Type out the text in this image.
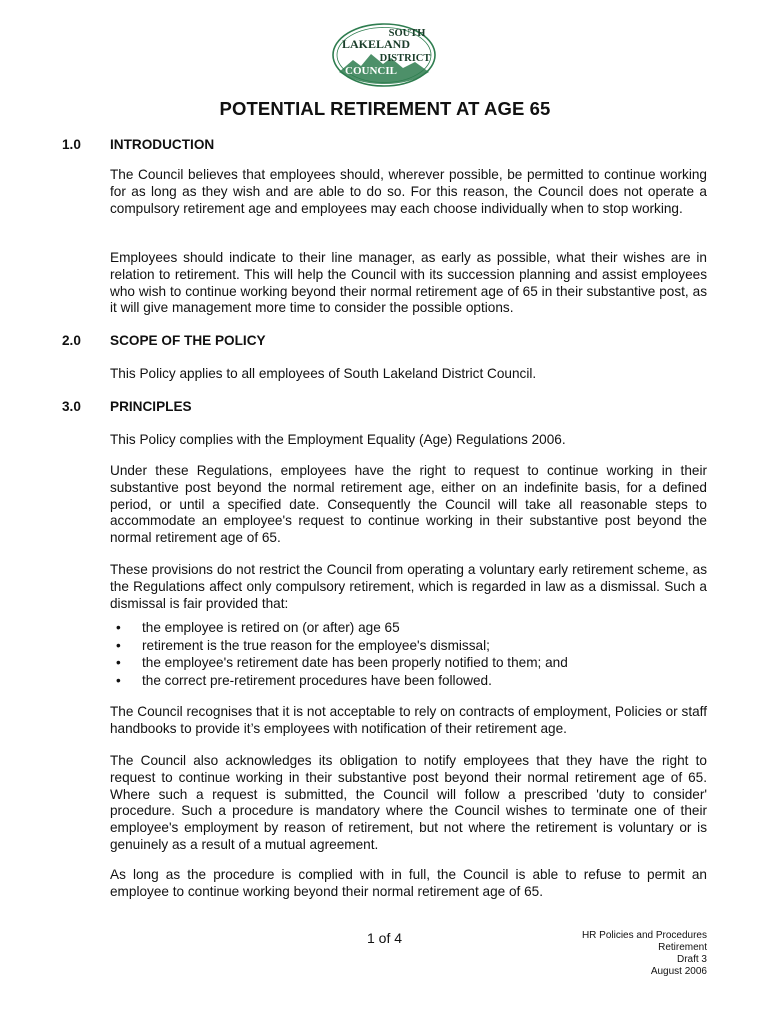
SOUTH
LAKELAND
DISTRICT
COUNCIL
POTENTIAL RETIREMENT AT AGE 65
1.0 INTRODUCTION

The Council believes that employees should, wherever possible, be permitted to continue working for as long as they wish and are able to do so. For this reason, the Council does not operate a compulsory retirement age and employees may each choose individually when to stop working.

Employees should indicate to their line manager, as early as possible, what their wishes are in relation to retirement. This will help the Council with its succession planning and assist employees who wish to continue working beyond their normal retirement age of 65 in their substantive post, as it will give management more time to consider the possible options.

2.0 SCOPE OF THE POLICY

This Policy applies to all employees of South Lakeland District Council.

3.0 PRINCIPLES

This Policy complies with the Employment Equality (Age) Regulations 2006.

Under these Regulations, employees have the right to request to continue working in their substantive post beyond the normal retirement age, either on an indefinite basis, for a defined period, or until a specified date. Consequently the Council will take all reasonable steps to accommodate an employee's request to continue working in their substantive post beyond the normal retirement age of 65.

These provisions do not restrict the Council from operating a voluntary early retirement scheme, as the Regulations affect only compulsory retirement, which is regarded in law as a dismissal. Such a dismissal is fair provided that:

• the employee is retired on (or after) age 65
• retirement is the true reason for the employee's dismissal;
• the employee's retirement date has been properly notified to them; and
• the correct pre-retirement procedures have been followed.

The Council recognises that it is not acceptable to rely on contracts of employment, Policies or staff handbooks to provide it’s employees with notification of their retirement age.

The Council also acknowledges its obligation to notify employees that they have the right to request to continue working in their substantive post beyond their normal retirement age of 65. Where such a request is submitted, the Council will follow a prescribed 'duty to consider' procedure. Such a procedure is mandatory where the Council wishes to terminate one of their employee's employment by reason of retirement, but not where the retirement is voluntary or is genuinely as a result of a mutual agreement.

As long as the procedure is complied with in full, the Council is able to refuse to permit an employee to continue working beyond their normal retirement age of 65.

1 of 4	HR Policies and Procedures
Retirement
Draft 3
August 2006
